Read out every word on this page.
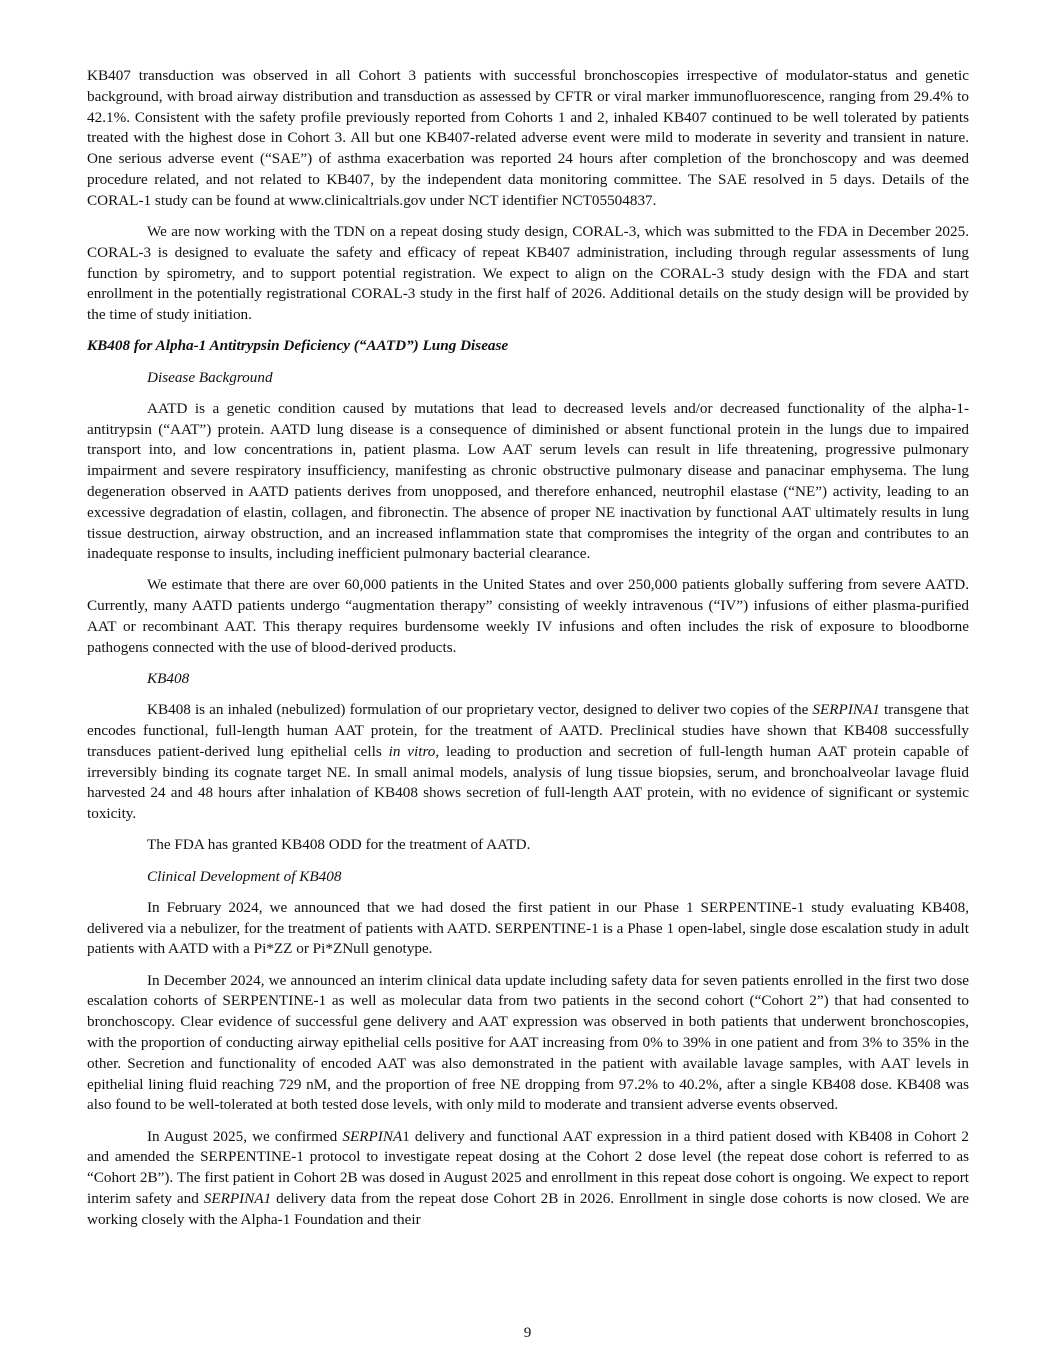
KB407 transduction was observed in all Cohort 3 patients with successful bronchoscopies irrespective of modulator-status and genetic background, with broad airway distribution and transduction as assessed by CFTR or viral marker immunofluorescence, ranging from 29.4% to 42.1%. Consistent with the safety profile previously reported from Cohorts 1 and 2, inhaled KB407 continued to be well tolerated by patients treated with the highest dose in Cohort 3. All but one KB407-related adverse event were mild to moderate in severity and transient in nature. One serious adverse event (“SAE”) of asthma exacerbation was reported 24 hours after completion of the bronchoscopy and was deemed procedure related, and not related to KB407, by the independent data monitoring committee. The SAE resolved in 5 days. Details of the CORAL-1 study can be found at www.clinicaltrials.gov under NCT identifier NCT05504837.

We are now working with the TDN on a repeat dosing study design, CORAL-3, which was submitted to the FDA in December 2025. CORAL-3 is designed to evaluate the safety and efficacy of repeat KB407 administration, including through regular assessments of lung function by spirometry, and to support potential registration. We expect to align on the CORAL-3 study design with the FDA and start enrollment in the potentially registrational CORAL-3 study in the first half of 2026. Additional details on the study design will be provided by the time of study initiation.

KB408 for Alpha-1 Antitrypsin Deficiency (“AATD”) Lung Disease

Disease Background

AATD is a genetic condition caused by mutations that lead to decreased levels and/or decreased functionality of the alpha-1- antitrypsin (“AAT”) protein. AATD lung disease is a consequence of diminished or absent functional protein in the lungs due to impaired transport into, and low concentrations in, patient plasma. Low AAT serum levels can result in life threatening, progressive pulmonary impairment and severe respiratory insufficiency, manifesting as chronic obstructive pulmonary disease and panacinar emphysema. The lung degeneration observed in AATD patients derives from unopposed, and therefore enhanced, neutrophil elastase (“NE”) activity, leading to an excessive degradation of elastin, collagen, and fibronectin. The absence of proper NE inactivation by functional AAT ultimately results in lung tissue destruction, airway obstruction, and an increased inflammation state that compromises the integrity of the organ and contributes to an inadequate response to insults, including inefficient pulmonary bacterial clearance.

We estimate that there are over 60,000 patients in the United States and over 250,000 patients globally suffering from severe AATD. Currently, many AATD patients undergo “augmentation therapy” consisting of weekly intravenous (“IV”) infusions of either plasma-purified AAT or recombinant AAT. This therapy requires burdensome weekly IV infusions and often includes the risk of exposure to bloodborne pathogens connected with the use of blood-derived products.

KB408

KB408 is an inhaled (nebulized) formulation of our proprietary vector, designed to deliver two copies of the SERPINA1 transgene that encodes functional, full-length human AAT protein, for the treatment of AATD. Preclinical studies have shown that KB408 successfully transduces patient-derived lung epithelial cells in vitro, leading to production and secretion of full-length human AAT protein capable of irreversibly binding its cognate target NE. In small animal models, analysis of lung tissue biopsies, serum, and bronchoalveolar lavage fluid harvested 24 and 48 hours after inhalation of KB408 shows secretion of full-length AAT protein, with no evidence of significant or systemic toxicity.

The FDA has granted KB408 ODD for the treatment of AATD.

Clinical Development of KB408

In February 2024, we announced that we had dosed the first patient in our Phase 1 SERPENTINE-1 study evaluating KB408, delivered via a nebulizer, for the treatment of patients with AATD. SERPENTINE-1 is a Phase 1 open-label, single dose escalation study in adult patients with AATD with a Pi*ZZ or Pi*ZNull genotype.

In December 2024, we announced an interim clinical data update including safety data for seven patients enrolled in the first two dose escalation cohorts of SERPENTINE-1 as well as molecular data from two patients in the second cohort (“Cohort 2”) that had consented to bronchoscopy. Clear evidence of successful gene delivery and AAT expression was observed in both patients that underwent bronchoscopies, with the proportion of conducting airway epithelial cells positive for AAT increasing from 0% to 39% in one patient and from 3% to 35% in the other. Secretion and functionality of encoded AAT was also demonstrated in the patient with available lavage samples, with AAT levels in epithelial lining fluid reaching 729 nM, and the proportion of free NE dropping from 97.2% to 40.2%, after a single KB408 dose. KB408 was also found to be well-tolerated at both tested dose levels, with only mild to moderate and transient adverse events observed.

In August 2025, we confirmed SERPINA1 delivery and functional AAT expression in a third patient dosed with KB408 in Cohort 2 and amended the SERPENTINE-1 protocol to investigate repeat dosing at the Cohort 2 dose level (the repeat dose cohort is referred to as “Cohort 2B”). The first patient in Cohort 2B was dosed in August 2025 and enrollment in this repeat dose cohort is ongoing. We expect to report interim safety and SERPINA1 delivery data from the repeat dose Cohort 2B in 2026. Enrollment in single dose cohorts is now closed. We are working closely with the Alpha-1 Foundation and their

9
